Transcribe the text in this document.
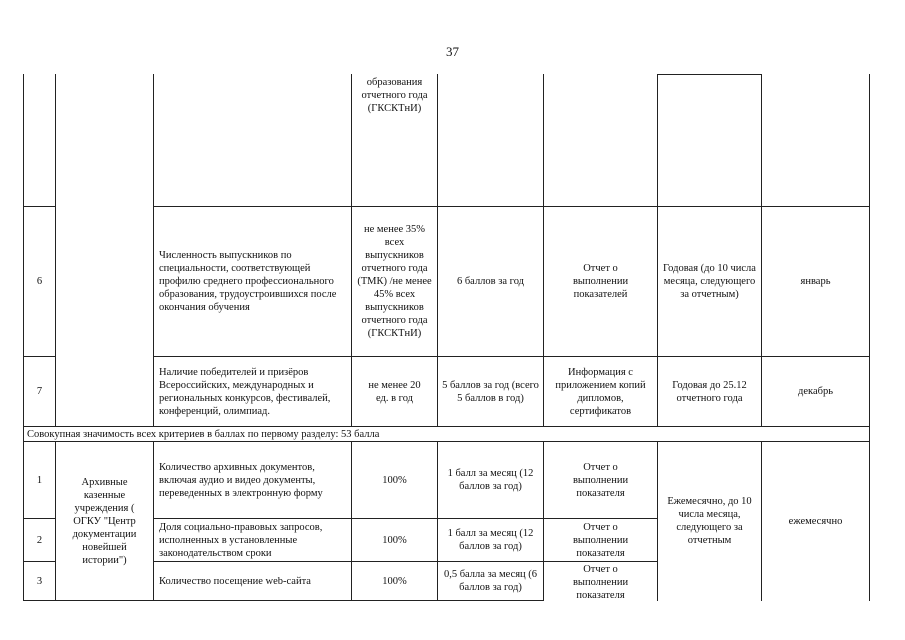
37
образования отчетного года (ГКСКТнИ)
6
Численность выпускников по специальности, соответствующей профилю среднего профессионального образования, трудоустроившихся после окончания обучения
не менее 35% всех выпускников отчетного года (ТМК) /не менее 45% всех выпускников отчетного года (ГКСКТнИ)
6 баллов за год
Отчет о выполнении показателей
Годовая (до 10 числа месяца, следующего за отчетным)
январь
7
Наличие победителей и призёров Всероссийских, международных и региональных конкурсов, фестивалей, конференций, олимпиад.
не менее 20 ед. в год
5 баллов за год (всего 5 баллов в год)
Информация с приложением копий дипломов, сертификатов
Годовая до 25.12 отчетного года
декабрь
Совокупная значимость всех критериев в баллах по первому разделу: 53 балла
Архивные казенные учреждения ( ОГКУ "Центр документации новейшей истории")
Ежемесячно, до 10 числа месяца, следующего за отчетным
ежемесячно
1
Количество архивных документов, включая аудио и видео документы, переведенных в электронную форму
100%
1 балл за месяц (12 баллов за год)
Отчет о выполнении показателя
2
Доля социально-правовых запросов, исполненных в установленные законодательством сроки
100%
1 балл за месяц (12 баллов за год)
Отчет о выполнении показателя
3	Количество посещение web-сайта	100%
0,5 балла за месяц (6 баллов за год)
Отчет о выполнении показателя
